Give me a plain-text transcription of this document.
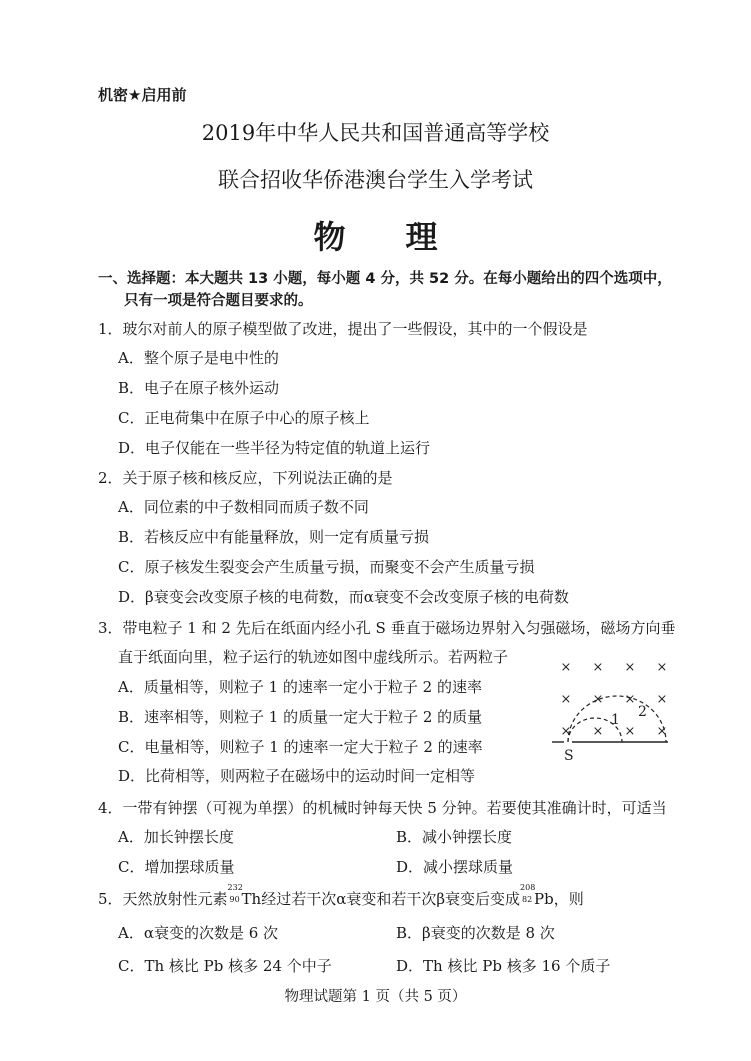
机密★启用前
2019年中华人民共和国普通高等学校
联合招收华侨港澳台学生入学考试
物 理
一、选择题：本大题共 13 小题，每小题 4 分，共 52 分。在每小题给出的四个选项中，
只有一项是符合题目要求的。
1．玻尔对前人的原子模型做了改进，提出了一些假设，其中的一个假设是
A．整个原子是电中性的
B．电子在原子核外运动
C．正电荷集中在原子中心的原子核上
D．电子仅能在一些半径为特定值的轨道上运行
2．关于原子核和核反应，下列说法正确的是
A．同位素的中子数相同而质子数不同
B．若核反应中有能量释放，则一定有质量亏损
C．原子核发生裂变会产生质量亏损，而聚变不会产生质量亏损
D．β衰变会改变原子核的电荷数，而α衰变不会改变原子核的电荷数
3．带电粒子 1 和 2 先后在纸面内经小孔 S 垂直于磁场边界射入匀强磁场，磁场方向垂
直于纸面向里，粒子运行的轨迹如图中虚线所示。若两粒子
A．质量相等，则粒子 1 的速率一定小于粒子 2 的速率
B．速率相等，则粒子 1 的质量一定大于粒子 2 的质量
C．电量相等，则粒子 1 的速率一定大于粒子 2 的速率
D．比荷相等，则两粒子在磁场中的运动时间一定相等
× × × ×
× × × ×
× × × ×
1 2
S
4．一带有钟摆（可视为单摆）的机械时钟每天快 5 分钟。若要使其准确计时，可适当
A．加长钟摆长度	B．减小钟摆长度
C．增加摆球质量	D．减小摆球质量
5．天然放射性元素
232
90 Th经过若干次α衰变和若干次β衰变后变成
208
82 Pb，则
A．α衰变的次数是 6 次	B．β衰变的次数是 8 次
C．Th 核比 Pb 核多 24 个中子	D．Th 核比 Pb 核多 16 个质子
物理试题第 1 页（共 5 页）
